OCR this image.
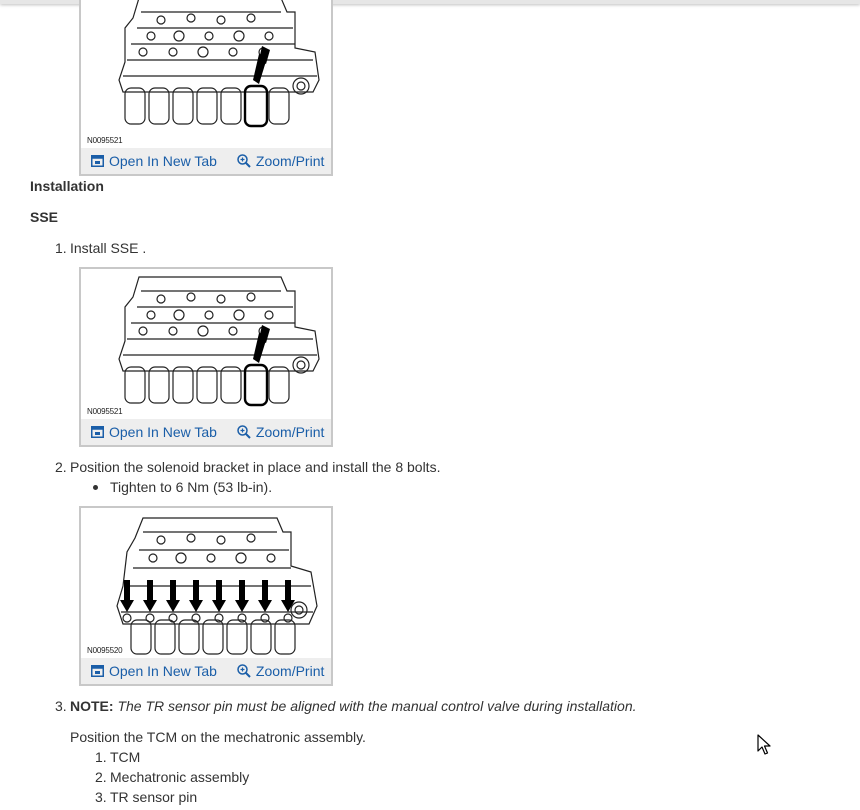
N0095521
Open In New Tab	Zoom/Print
Installation
SSE
1. Install SSE .
N0095521
Open In New Tab	Zoom/Print
2. Position the solenoid bracket in place and install the 8 bolts.
Tighten to 6 Nm (53 lb-in).
N0095520
Open In New Tab	Zoom/Print
3. NOTE: The TR sensor pin must be aligned with the manual control valve during installation.
Position the TCM on the mechatronic assembly.
1. TCM
2. Mechatronic assembly
3. TR sensor pin
